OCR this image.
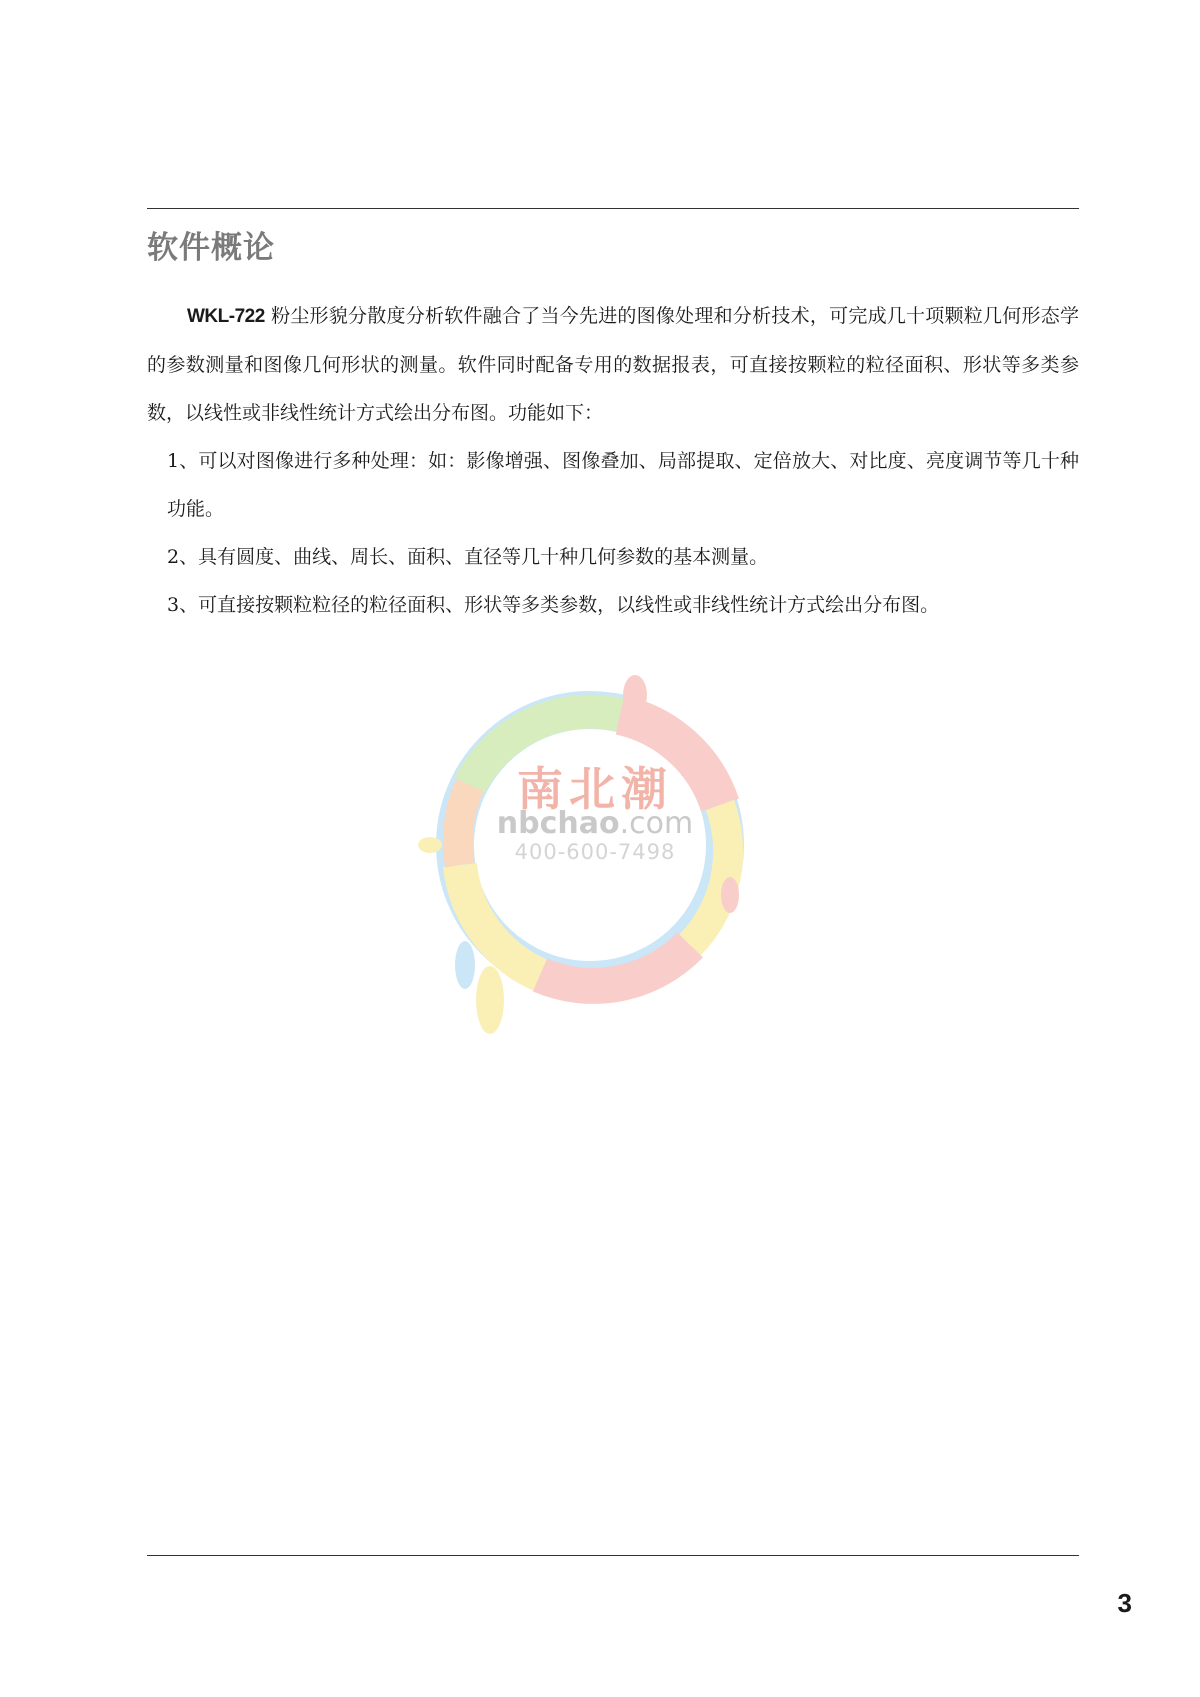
软件概论

WKL-722 粉尘形貌分散度分析软件融合了当今先进的图像处理和分析技术，可完成几十项颗粒几何形态学的参数测量和图像几何形状的测量。软件同时配备专用的数据报表，可直接按颗粒的粒径面积、形状等多类参数，以线性或非线性统计方式绘出分布图。功能如下：

1、可以对图像进行多种处理：如：影像增强、图像叠加、局部提取、定倍放大、对比度、亮度调节等几十种功能。

2、具有圆度、曲线、周长、面积、直径等几十种几何参数的基本测量。

3、可直接按颗粒粒径的粒径面积、形状等多类参数，以线性或非线性统计方式绘出分布图。

南北潮
nbchao.com
400-600-7498
3
